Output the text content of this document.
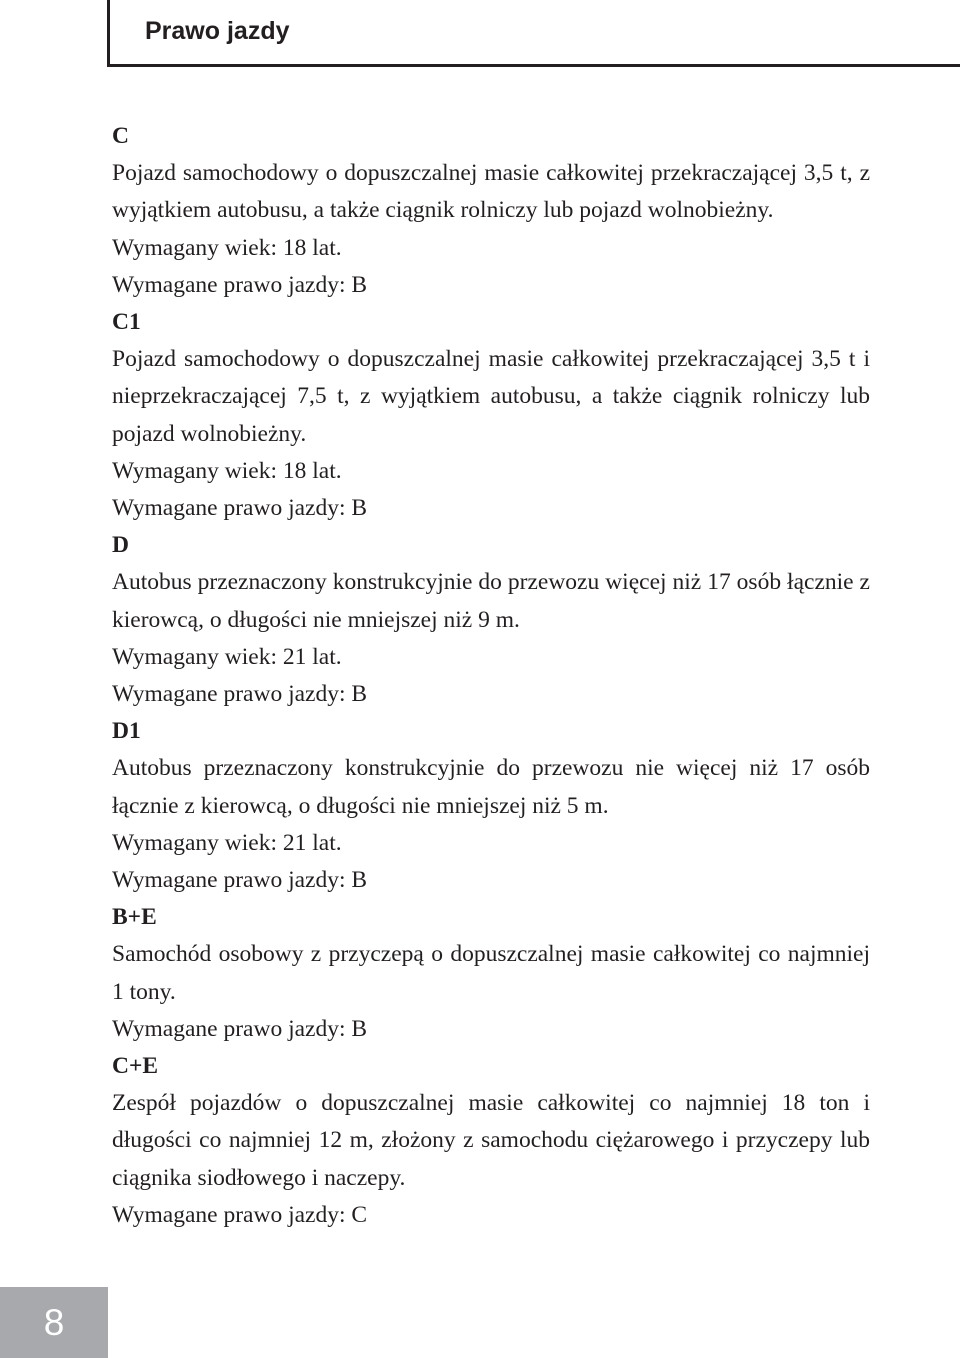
Prawo jazdy
C
Pojazd samochodowy o dopuszczalnej masie całkowitej przekraczającej 3,5 t, z wyjątkiem autobusu, a także ciągnik rolniczy lub pojazd wolnobieżny.
Wymagany wiek: 18 lat.
Wymagane prawo jazdy: B
C1
Pojazd samochodowy o dopuszczalnej masie całkowitej przekraczającej 3,5 t i nieprzekraczającej 7,5 t, z wyjątkiem autobusu, a także ciągnik rolniczy lub pojazd wolnobieżny.
Wymagany wiek: 18 lat.
Wymagane prawo jazdy: B
D
Autobus przeznaczony konstrukcyjnie do przewozu więcej niż 17 osób łącznie z kierowcą, o długości nie mniejszej niż 9 m.
Wymagany wiek: 21 lat.
Wymagane prawo jazdy: B
D1
Autobus przeznaczony konstrukcyjnie do przewozu nie więcej niż 17 osób łącznie z kierowcą, o długości nie mniejszej niż 5 m.
Wymagany wiek: 21 lat.
Wymagane prawo jazdy: B
B+E
Samochód osobowy z przyczepą o dopuszczalnej masie całkowitej co najmniej 1 tony.
Wymagane prawo jazdy: B
C+E
Zespół pojazdów o dopuszczalnej masie całkowitej co najmniej 18 ton i długości co najmniej 12 m, złożony z samochodu ciężarowego i przyczepy lub ciągnika siodłowego i naczepy.
Wymagane prawo jazdy: C
8
